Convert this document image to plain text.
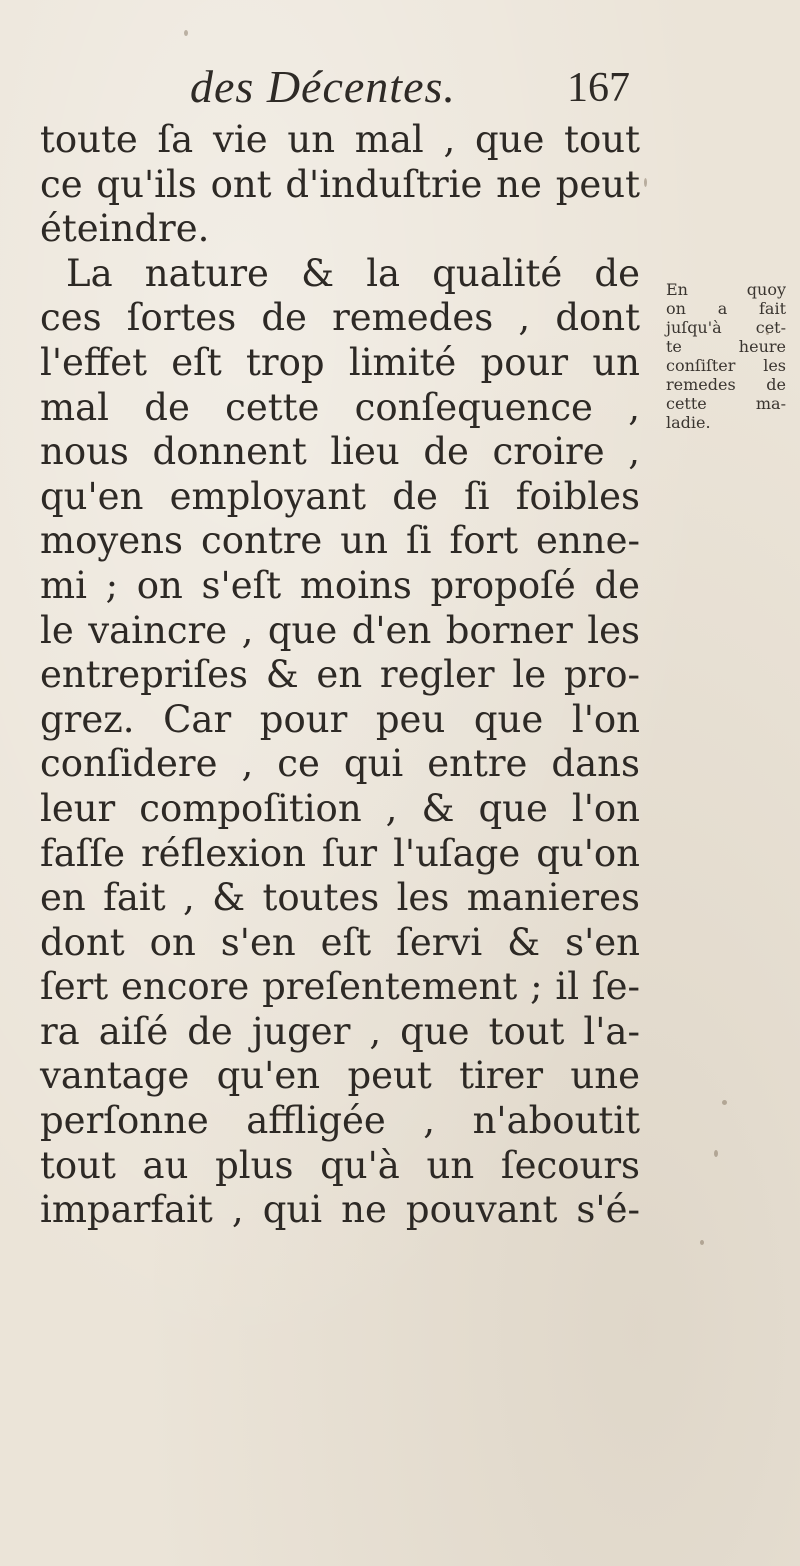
des Décentes.	167
toute ſa vie un mal , que tout
ce qu'ils ont d'induſtrie ne peut
éteindre.
La nature & la qualité de
ces ſortes de remedes , dont
l'effet eſt trop limité pour un
mal de cette conſequence ,
nous donnent lieu de croire ,
qu'en employant de ſi foibles
moyens contre un ſi fort enne-
mi ; on s'eſt moins propoſé de
le vaincre , que d'en borner les
entrepriſes & en regler le pro-
grez. Car pour peu que l'on
conſidere , ce qui entre dans
leur compoſition , & que l'on
faſſe réflexion ſur l'uſage qu'on
en fait , & toutes les manieres
dont on s'en eſt ſervi & s'en
ſert encore preſentement ; il ſe-
ra aiſé de juger , que tout l'a-
vantage qu'en peut tirer une
perſonne affligée , n'aboutit
tout au plus qu'à un ſecours
imparfait , qui ne pouvant s'é-
En quoy
on a fait
juſqu'à cet-
te heure
conſiſter les
remedes de
cette ma-
ladie.
